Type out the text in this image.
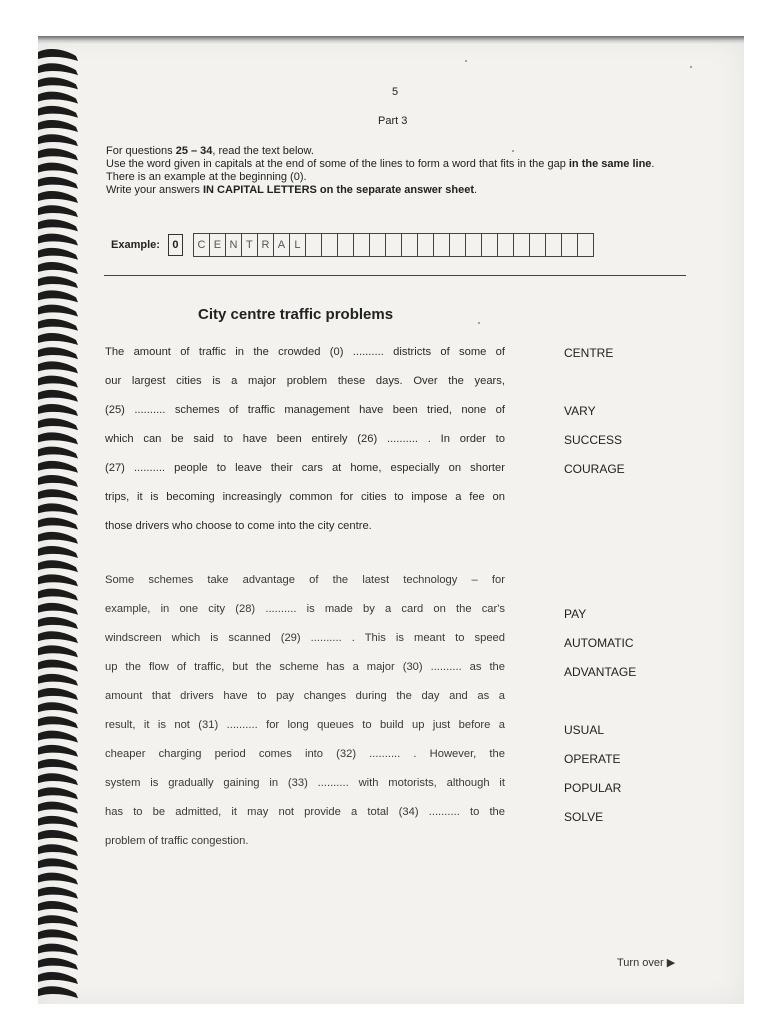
5
Part 3

For questions 25 – 34, read the text below.

Use the word given in capitals at the end of some of the lines to form a word that fits in the gap in the same line.

There is an example at the beginning (0).

Write your answers IN CAPITAL LETTERS on the separate answer sheet.

Example:	0	C E N T R A L
City centre traffic problems
The amount of traffic in the crowded (0) .......... districts of some of
our largest cities is a major problem these days. Over the years,
(25) .......... schemes of traffic management have been tried, none of
which can be said to have been entirely (26) .......... . In order to
(27) .......... people to leave their cars at home, especially on shorter
trips, it is becoming increasingly common for cities to impose a fee on
those drivers who choose to come into the city centre.
Some schemes take advantage of the latest technology – for
example, in one city (28) .......... is made by a card on the car's
windscreen which is scanned (29) .......... . This is meant to speed
up the flow of traffic, but the scheme has a major (30) .......... as the
amount that drivers have to pay changes during the day and as a
result, it is not (31) .......... for long queues to build up just before a
cheaper charging period comes into (32) .......... . However, the
system is gradually gaining in (33) .......... with motorists, although it
has to be admitted, it may not provide a total (34) .......... to the
problem of traffic congestion.
CENTRE
VARY
SUCCESS
COURAGE
PAY
AUTOMATIC
ADVANTAGE
USUAL
OPERATE
POPULAR
SOLVE
Turn over ▶
